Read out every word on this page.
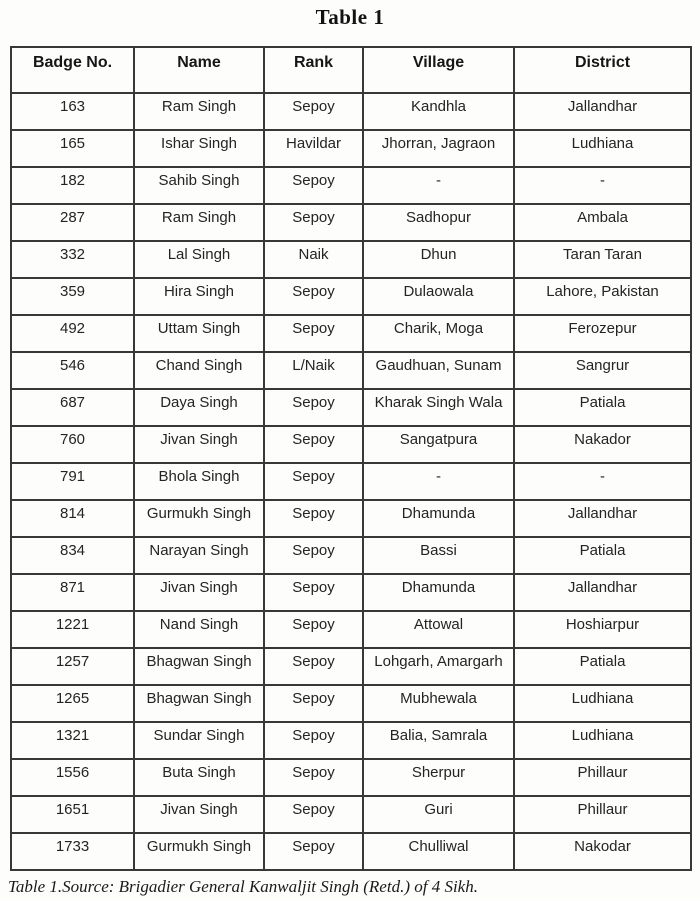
Table 1
Badge No.	Name	Rank	Village	District
163	Ram Singh	Sepoy	Kandhla	Jallandhar
165	Ishar Singh	Havildar	Jhorran, Jagraon	Ludhiana
182	Sahib Singh	Sepoy	-	-
287	Ram Singh	Sepoy	Sadhopur	Ambala
332	Lal Singh	Naik	Dhun	Taran Taran
359	Hira Singh	Sepoy	Dulaowala	Lahore, Pakistan
492	Uttam Singh	Sepoy	Charik, Moga	Ferozepur
546	Chand Singh	L/Naik	Gaudhuan, Sunam	Sangrur
687	Daya Singh	Sepoy	Kharak Singh Wala	Patiala
760	Jivan Singh	Sepoy	Sangatpura	Nakador
791	Bhola Singh	Sepoy	-	-
814	Gurmukh Singh	Sepoy	Dhamunda	Jallandhar
834	Narayan Singh	Sepoy	Bassi	Patiala
871	Jivan Singh	Sepoy	Dhamunda	Jallandhar
1221	Nand Singh	Sepoy	Attowal	Hoshiarpur
1257	Bhagwan Singh	Sepoy	Lohgarh, Amargarh	Patiala
1265	Bhagwan Singh	Sepoy	Mubhewala	Ludhiana
1321	Sundar Singh	Sepoy	Balia, Samrala	Ludhiana
1556	Buta Singh	Sepoy	Sherpur	Phillaur
1651	Jivan Singh	Sepoy	Guri	Phillaur
1733	Gurmukh Singh	Sepoy	Chulliwal	Nakodar
Table 1.Source: Brigadier General Kanwaljit Singh (Retd.) of 4 Sikh.
